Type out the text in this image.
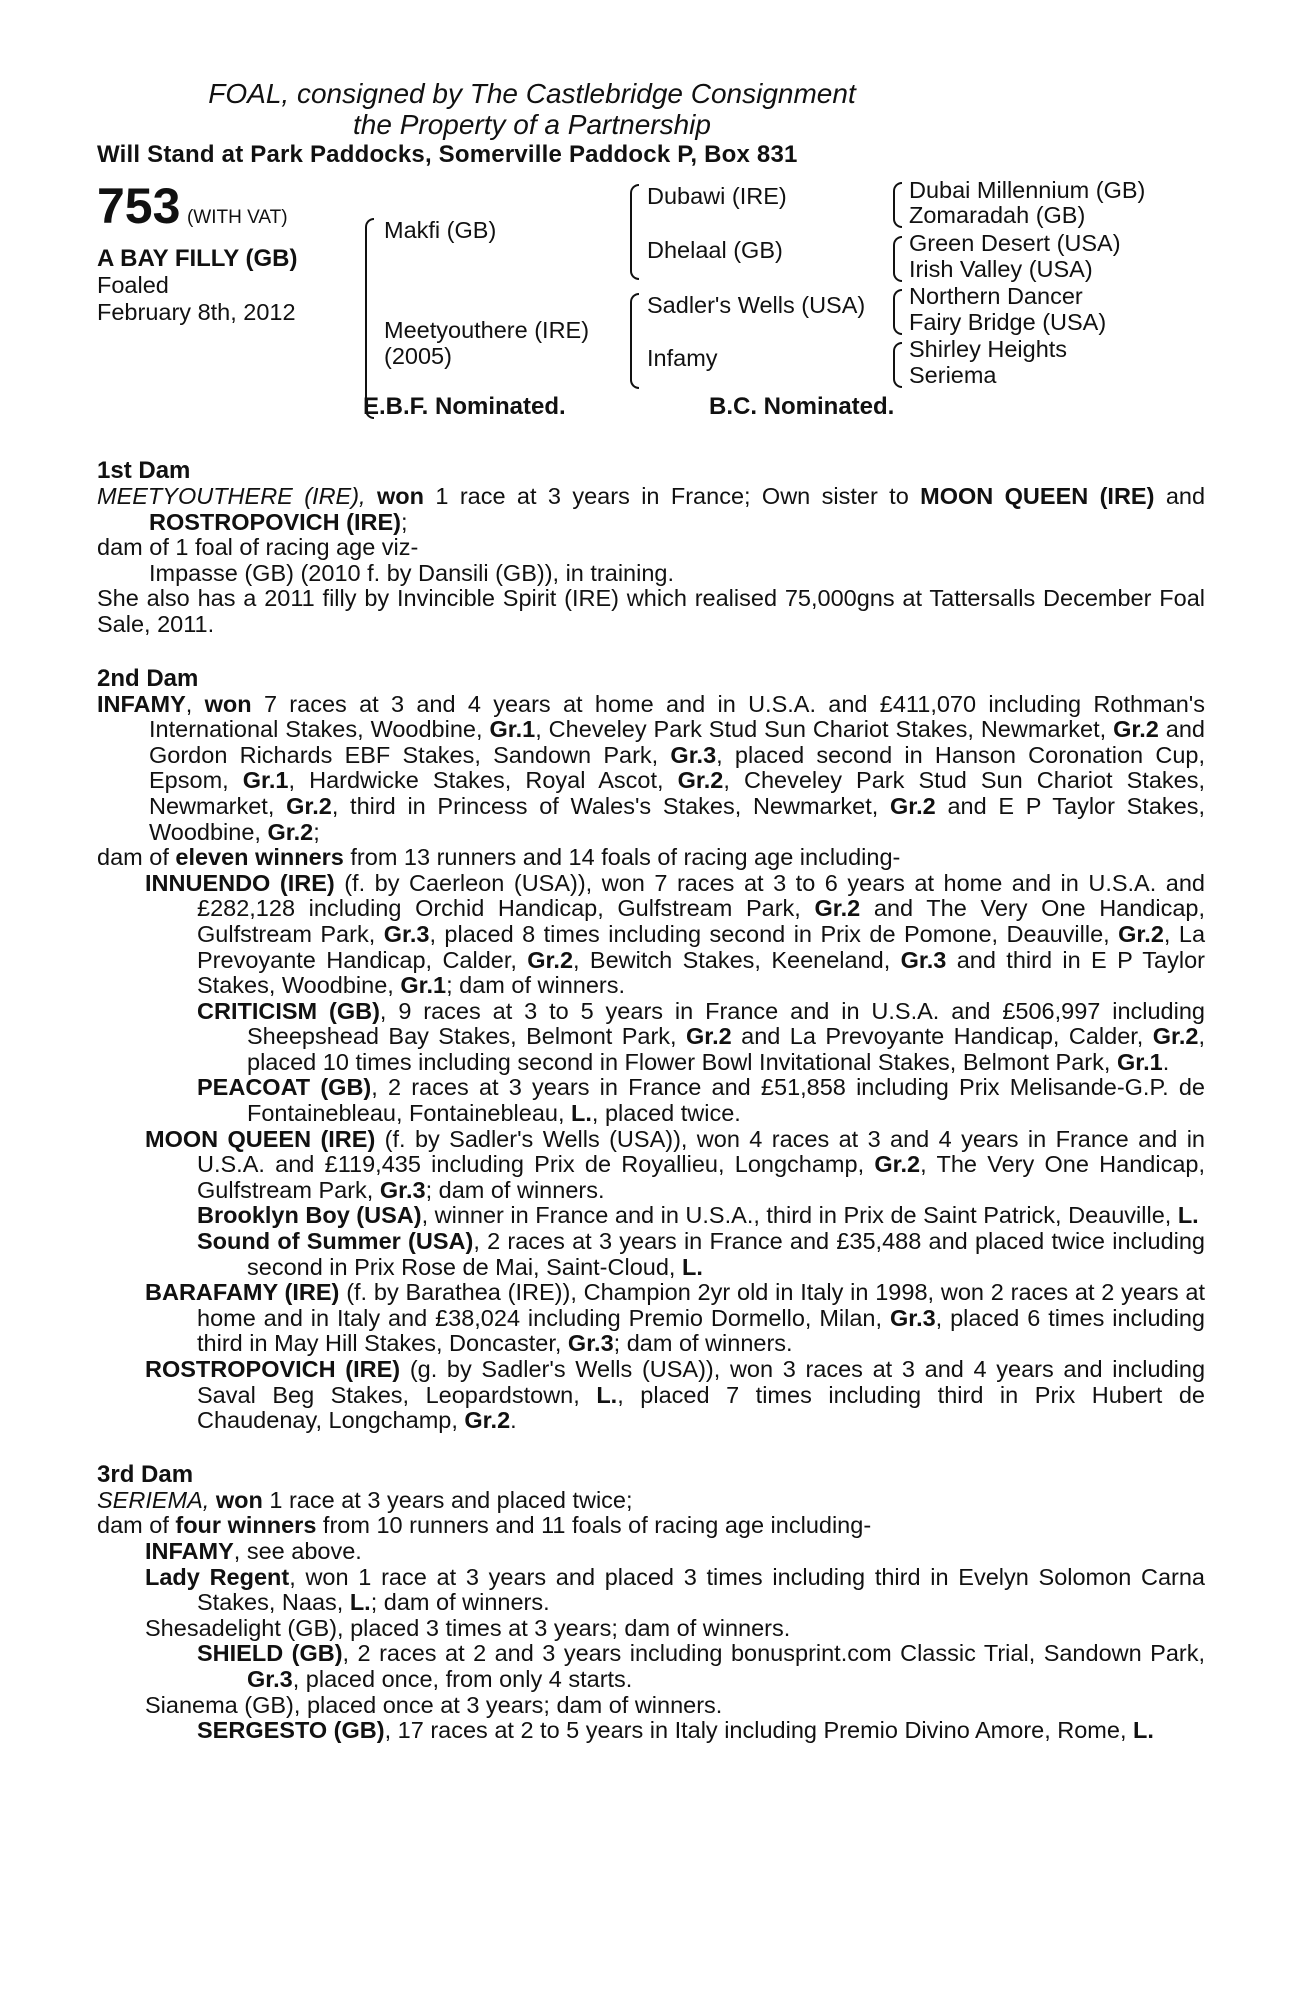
FOAL, consigned by The Castlebridge Consignment
the Property of a Partnership
Will Stand at Park Paddocks, Somerville Paddock P, Box 831
753 (WITH VAT)
A BAY FILLY (GB)
Foaled
February 8th, 2012
Makfi (GB)
Meetyouthere (IRE)
(2005)
Dubawi (IRE)
Dhelaal (GB)
Sadler's Wells (USA)
Infamy
Dubai Millennium (GB)
Zomaradah (GB)
Green Desert (USA)
Irish Valley (USA)
Northern Dancer
Fairy Bridge (USA)
Shirley Heights
Seriema
E.B.F. Nominated.	B.C. Nominated.
1st Dam
MEETYOUTHERE (IRE), won 1 race at 3 years in France; Own sister to MOON QUEEN (IRE) and ROSTROPOVICH (IRE);
dam of 1 foal of racing age viz-
Impasse (GB) (2010 f. by Dansili (GB)), in training.
She also has a 2011 filly by Invincible Spirit (IRE) which realised 75,000gns at Tattersalls December Foal Sale, 2011.
2nd Dam
INFAMY, won 7 races at 3 and 4 years at home and in U.S.A. and £411,070 including Rothman's International Stakes, Woodbine, Gr.1, Cheveley Park Stud Sun Chariot Stakes, Newmarket, Gr.2 and Gordon Richards EBF Stakes, Sandown Park, Gr.3, placed second in Hanson Coronation Cup, Epsom, Gr.1, Hardwicke Stakes, Royal Ascot, Gr.2, Cheveley Park Stud Sun Chariot Stakes, Newmarket, Gr.2, third in Princess of Wales's Stakes, Newmarket, Gr.2 and E P Taylor Stakes, Woodbine, Gr.2;
dam of eleven winners from 13 runners and 14 foals of racing age including-
INNUENDO (IRE) (f. by Caerleon (USA)), won 7 races at 3 to 6 years at home and in U.S.A. and £282,128 including Orchid Handicap, Gulfstream Park, Gr.2 and The Very One Handicap, Gulfstream Park, Gr.3, placed 8 times including second in Prix de Pomone, Deauville, Gr.2, La Prevoyante Handicap, Calder, Gr.2, Bewitch Stakes, Keeneland, Gr.3 and third in E P Taylor Stakes, Woodbine, Gr.1; dam of winners.
CRITICISM (GB), 9 races at 3 to 5 years in France and in U.S.A. and £506,997 including Sheepshead Bay Stakes, Belmont Park, Gr.2 and La Prevoyante Handicap, Calder, Gr.2, placed 10 times including second in Flower Bowl Invitational Stakes, Belmont Park, Gr.1.
PEACOAT (GB), 2 races at 3 years in France and £51,858 including Prix Melisande-G.P. de Fontainebleau, Fontainebleau, L., placed twice.
MOON QUEEN (IRE) (f. by Sadler's Wells (USA)), won 4 races at 3 and 4 years in France and in U.S.A. and £119,435 including Prix de Royallieu, Longchamp, Gr.2, The Very One Handicap, Gulfstream Park, Gr.3; dam of winners.
Brooklyn Boy (USA), winner in France and in U.S.A., third in Prix de Saint Patrick, Deauville, L.
Sound of Summer (USA), 2 races at 3 years in France and £35,488 and placed twice including second in Prix Rose de Mai, Saint-Cloud, L.
BARAFAMY (IRE) (f. by Barathea (IRE)), Champion 2yr old in Italy in 1998, won 2 races at 2 years at home and in Italy and £38,024 including Premio Dormello, Milan, Gr.3, placed 6 times including third in May Hill Stakes, Doncaster, Gr.3; dam of winners.
ROSTROPOVICH (IRE) (g. by Sadler's Wells (USA)), won 3 races at 3 and 4 years and including Saval Beg Stakes, Leopardstown, L., placed 7 times including third in Prix Hubert de Chaudenay, Longchamp, Gr.2.
3rd Dam
SERIEMA, won 1 race at 3 years and placed twice;
dam of four winners from 10 runners and 11 foals of racing age including-
INFAMY, see above.
Lady Regent, won 1 race at 3 years and placed 3 times including third in Evelyn Solomon Carna Stakes, Naas, L.; dam of winners.
Shesadelight (GB), placed 3 times at 3 years; dam of winners.
SHIELD (GB), 2 races at 2 and 3 years including bonusprint.com Classic Trial, Sandown Park, Gr.3, placed once, from only 4 starts.
Sianema (GB), placed once at 3 years; dam of winners.
SERGESTO (GB), 17 races at 2 to 5 years in Italy including Premio Divino Amore, Rome, L.
